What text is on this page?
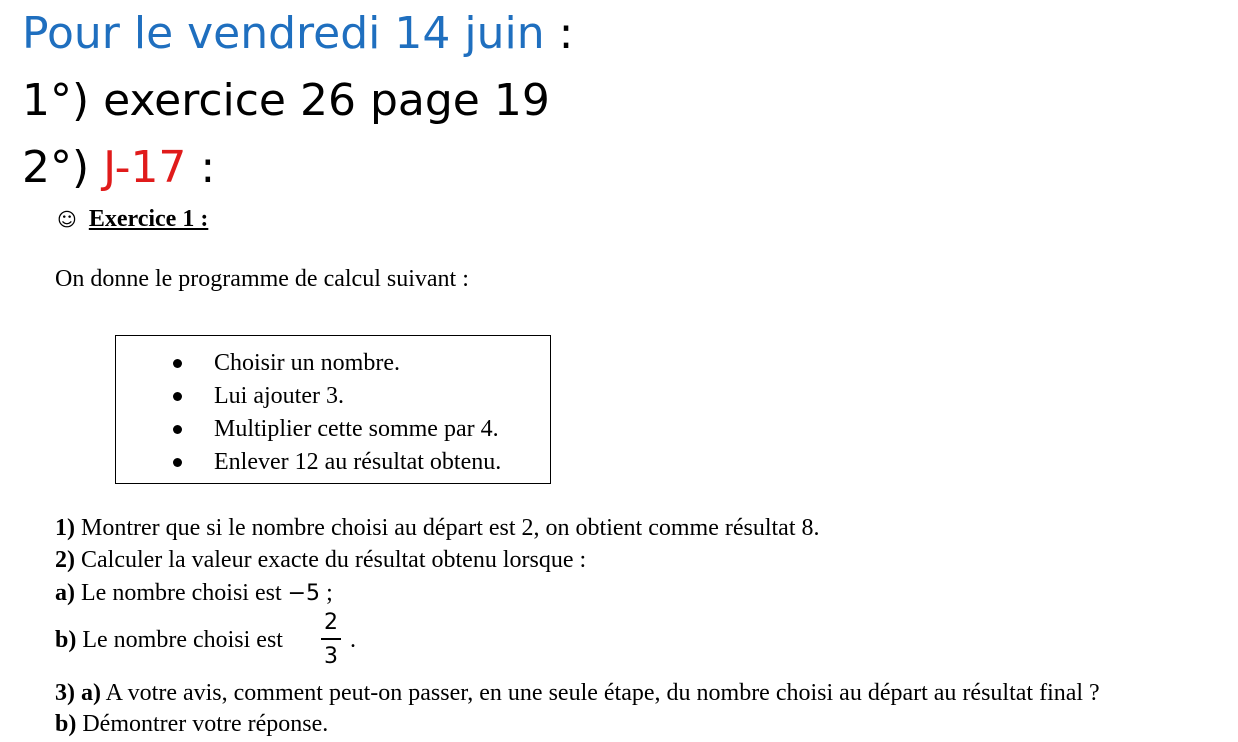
Pour le vendredi 14 juin :
1°) exercice 26 page 19
2°) J-17 :
☺ Exercice 1 :
On donne le programme de calcul suivant :
Choisir un nombre.
Lui ajouter 3.
Multiplier cette somme par 4.
Enlever 12 au résultat obtenu.
1) Montrer que si le nombre choisi au départ est 2, on obtient comme résultat 8.
2) Calculer la valeur exacte du résultat obtenu lorsque :
a) Le nombre choisi est −5 ;
b) Le nombre choisi est
2
3
.
3) a) A votre avis, comment peut-on passer, en une seule étape, du nombre choisi au départ au résultat final ?
b) Démontrer votre réponse.
